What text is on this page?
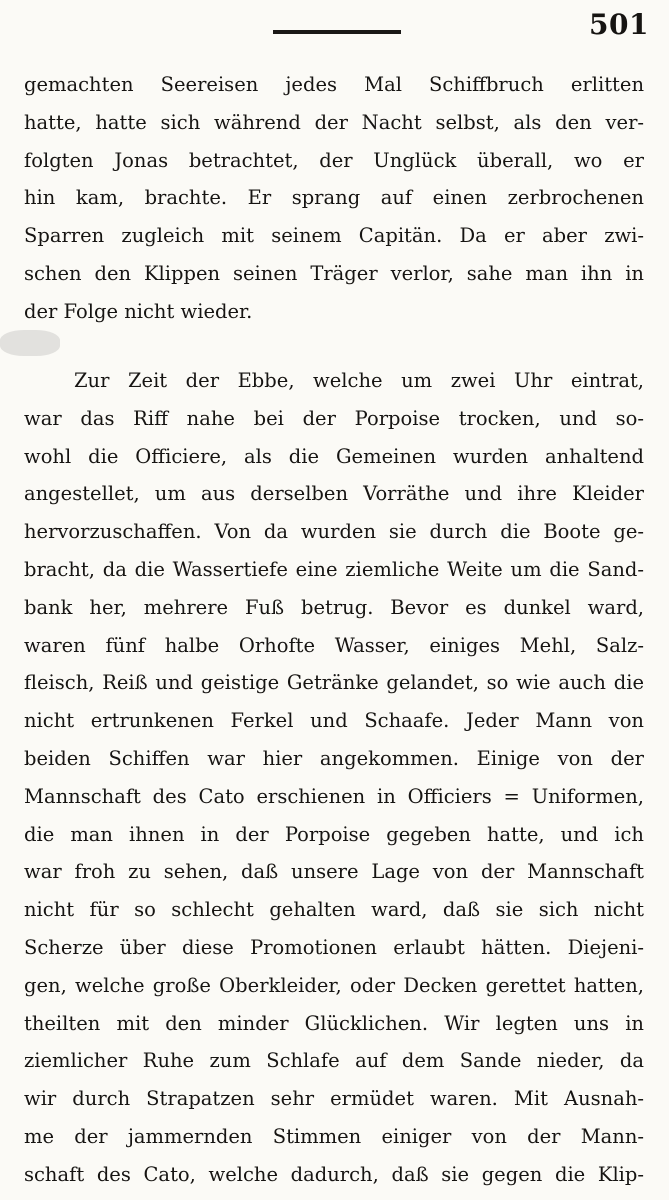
501
gemachten Seereisen jedes Mal Schiffbruch erlitten
hatte, hatte sich während der Nacht selbst, als den ver-
folgten Jonas betrachtet, der Unglück überall, wo er
hin kam, brachte. Er sprang auf einen zerbrochenen
Sparren zugleich mit seinem Capitän. Da er aber zwi-
schen den Klippen seinen Träger verlor, sahe man ihn in
der Folge nicht wieder.
Zur Zeit der Ebbe, welche um zwei Uhr eintrat,
war das Riff nahe bei der Porpoise trocken, und so-
wohl die Officiere, als die Gemeinen wurden anhaltend
angestellet, um aus derselben Vorräthe und ihre Kleider
hervorzuschaffen. Von da wurden sie durch die Boote ge-
bracht, da die Wassertiefe eine ziemliche Weite um die Sand-
bank her, mehrere Fuß betrug. Bevor es dunkel ward,
waren fünf halbe Orhofte Wasser, einiges Mehl, Salz-
fleisch, Reiß und geistige Getränke gelandet, so wie auch die
nicht ertrunkenen Ferkel und Schaafe. Jeder Mann von
beiden Schiffen war hier angekommen. Einige von der
Mannschaft des Cato erschienen in Officiers = Uniformen,
die man ihnen in der Porpoise gegeben hatte, und ich
war froh zu sehen, daß unsere Lage von der Mannschaft
nicht für so schlecht gehalten ward, daß sie sich nicht
Scherze über diese Promotionen erlaubt hätten. Diejeni-
gen, welche große Oberkleider, oder Decken gerettet hatten,
theilten mit den minder Glücklichen. Wir legten uns in
ziemlicher Ruhe zum Schlafe auf dem Sande nieder, da
wir durch Strapatzen sehr ermüdet waren. Mit Ausnah-
me der jammernden Stimmen einiger von der Mann-
schaft des Cato, welche dadurch, daß sie gegen die Klip-
